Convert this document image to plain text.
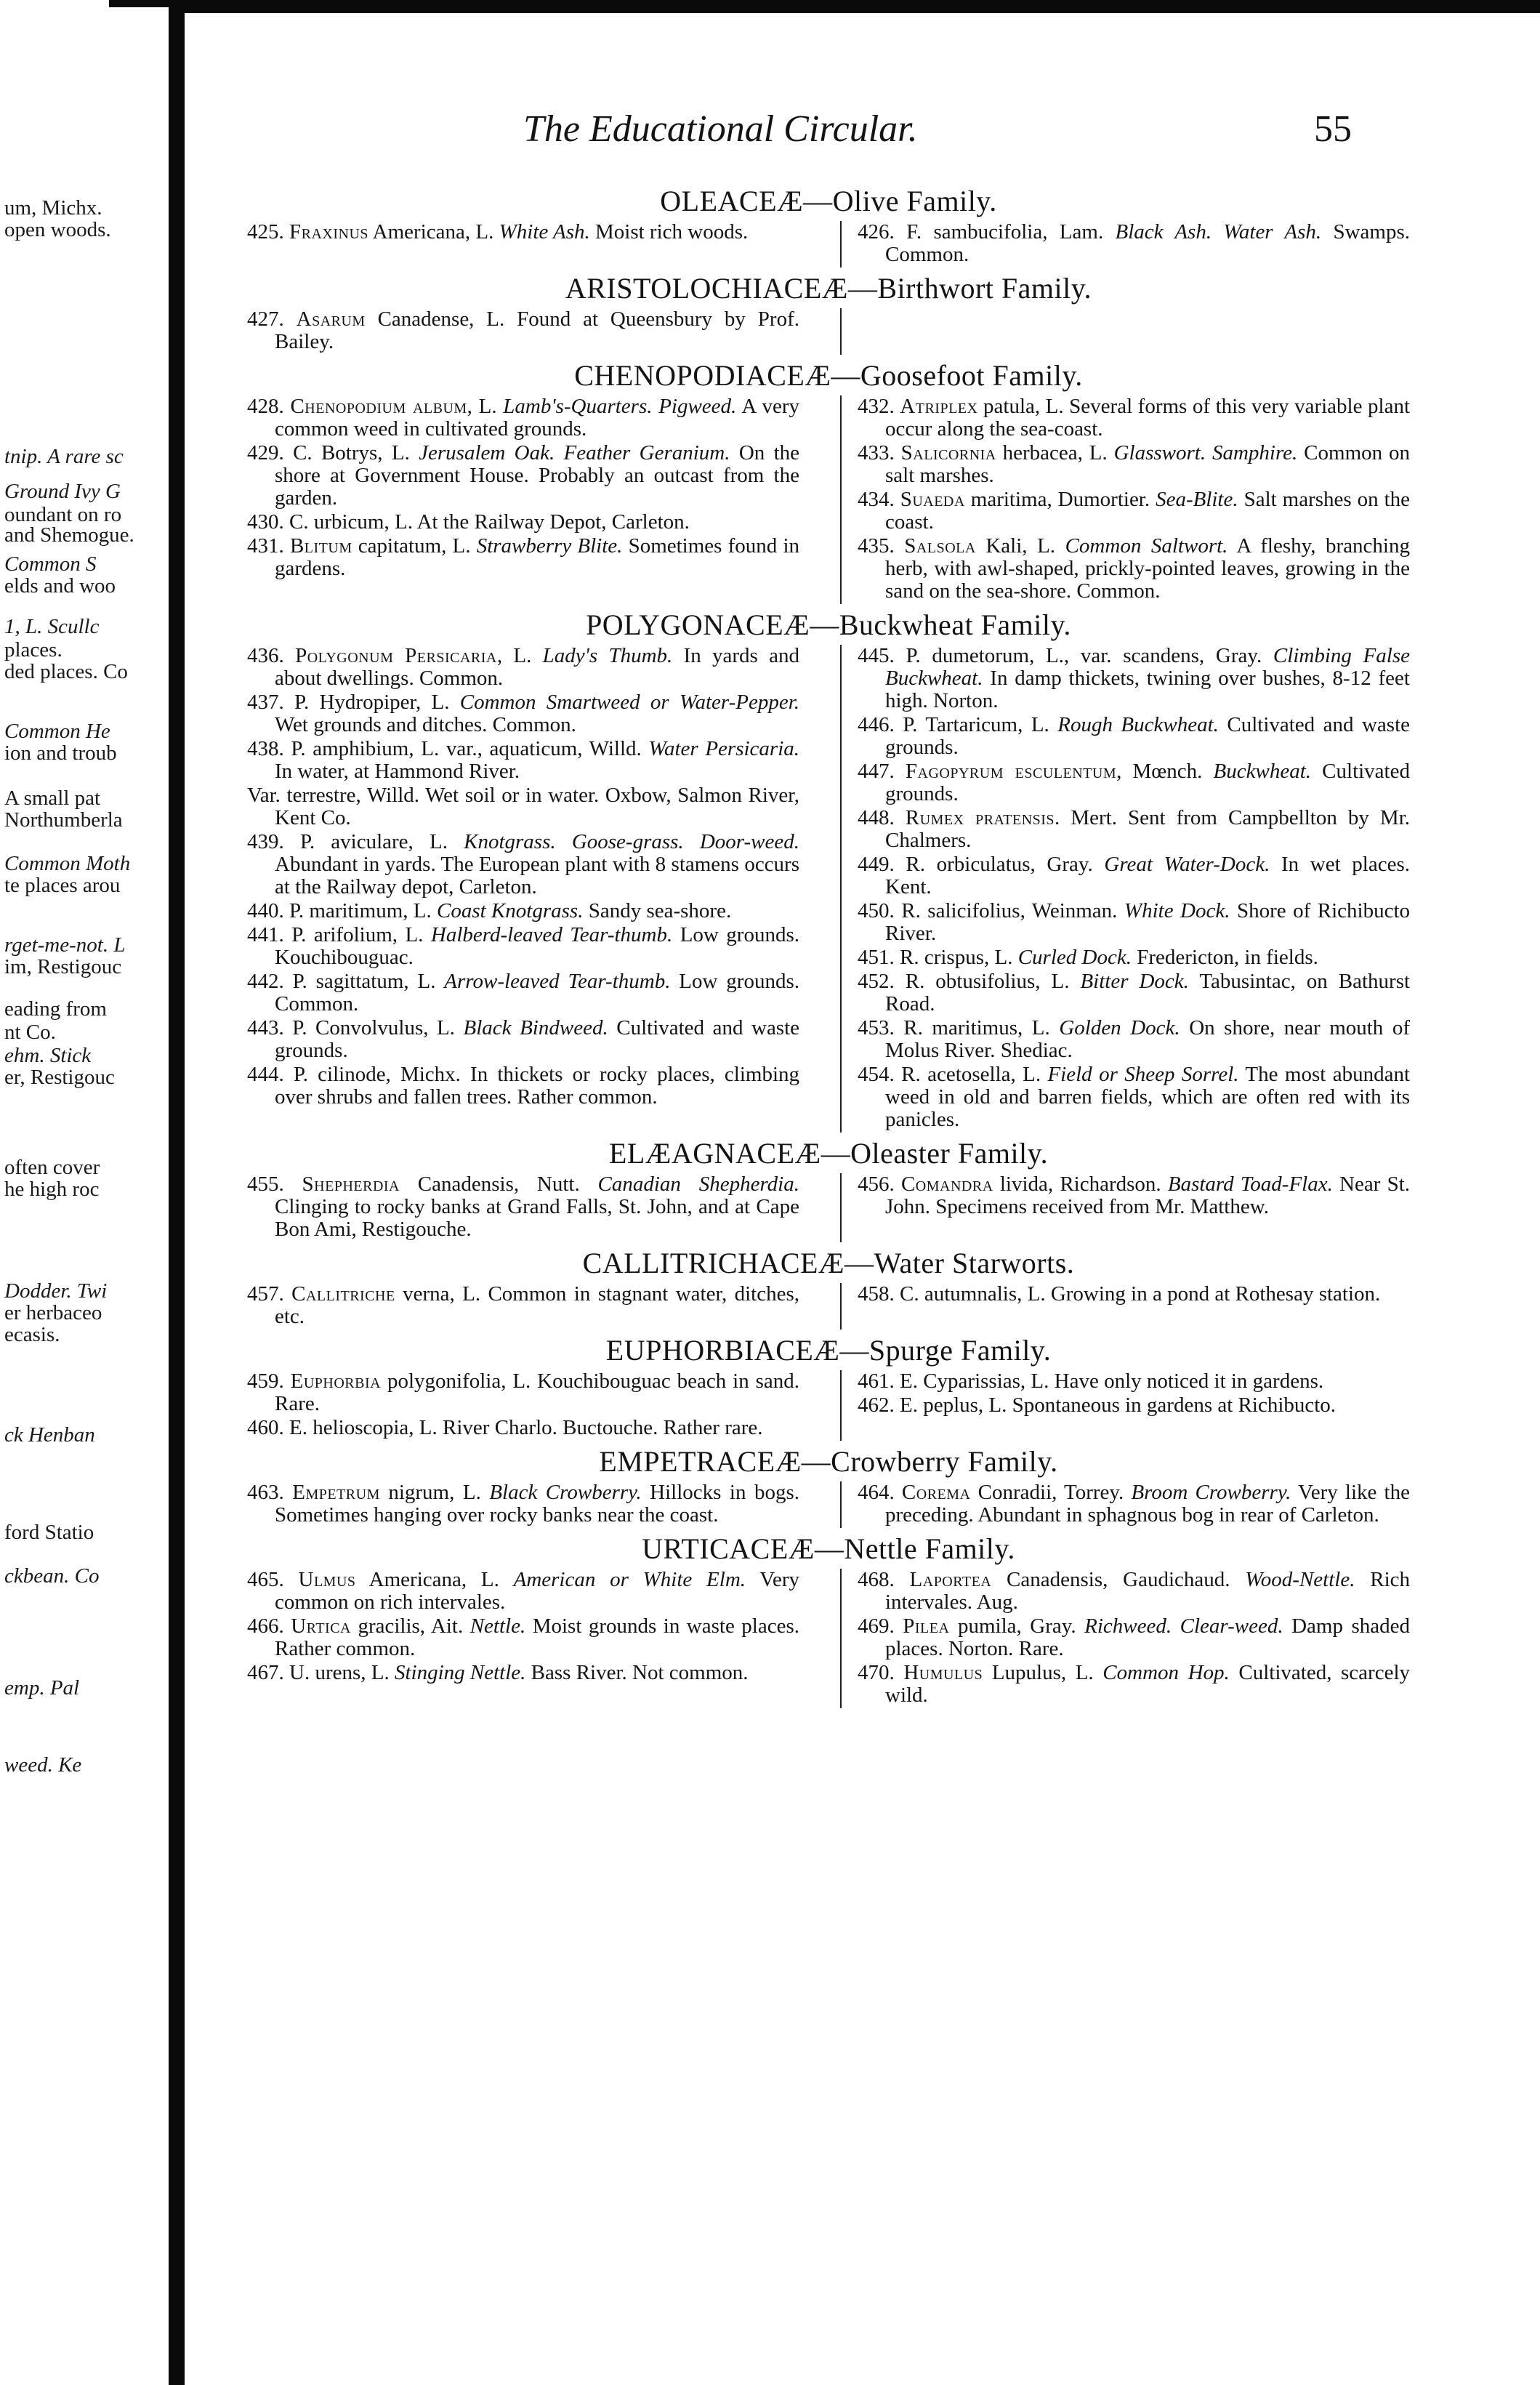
um, Michx.
open woods.
tnip. A rare sc
Ground Ivy G
oundant on ro
and Shemogue.
Common S
elds and woo
1, L. Scullc
places.
ded places. Co
Common He
ion and troub
A small pat
Northumberla
Common Moth
te places arou
rget-me-not. L
im, Restigouc
eading from
nt Co.
ehm. Stick
er, Restigouc
often cover
he high roc
Dodder. Twi
er herbaceo
ecasis.
ck Henban
ford Statio
ckbean. Co
emp. Pal
weed. Ke
The Educational Circular.	55
OLEACEÆ—Olive Family.
425. Fraxinus Americana, L. White Ash. Moist rich woods.	426. F. sambucifolia, Lam. Black Ash. Water Ash. Swamps. Common.
ARISTOLOCHIACEÆ—Birthwort Family.
427. Asarum Canadense, L. Found at Queensbury by Prof. Bailey.
CHENOPODIACEÆ—Goosefoot Family.
428. Chenopodium album, L. Lamb's-Quarters. Pigweed. A very common weed in cultivated grounds.
429. C. Botrys, L. Jerusalem Oak. Feather Geranium. On the shore at Government House. Probably an outcast from the garden.
430. C. urbicum, L. At the Railway Depot, Carleton.
431. Blitum capitatum, L. Strawberry Blite. Sometimes found in gardens.
432. Atriplex patula, L. Several forms of this very variable plant occur along the sea-coast.
433. Salicornia herbacea, L. Glasswort. Samphire. Common on salt marshes.
434. Suaeda maritima, Dumortier. Sea-Blite. Salt marshes on the coast.
435. Salsola Kali, L. Common Saltwort. A fleshy, branching herb, with awl-shaped, prickly-pointed leaves, growing in the sand on the sea-shore. Common.
POLYGONACEÆ—Buckwheat Family.
436. Polygonum Persicaria, L. Lady's Thumb. In yards and about dwellings. Common.
437. P. Hydropiper, L. Common Smartweed or Water-Pepper. Wet grounds and ditches. Common.
438. P. amphibium, L. var., aquaticum, Willd. Water Persicaria. In water, at Hammond River.
Var. terrestre, Willd. Wet soil or in water. Oxbow, Salmon River, Kent Co.
439. P. aviculare, L. Knotgrass. Goose-grass. Door-weed. Abundant in yards. The European plant with 8 stamens occurs at the Railway depot, Carleton.
440. P. maritimum, L. Coast Knotgrass. Sandy sea-shore.
441. P. arifolium, L. Halberd-leaved Tear-thumb. Low grounds. Kouchibouguac.
442. P. sagittatum, L. Arrow-leaved Tear-thumb. Low grounds. Common.
443. P. Convolvulus, L. Black Bindweed. Cultivated and waste grounds.
444. P. cilinode, Michx. In thickets or rocky places, climbing over shrubs and fallen trees. Rather common.
445. P. dumetorum, L., var. scandens, Gray. Climbing False Buckwheat. In damp thickets, twining over bushes, 8-12 feet high. Norton.
446. P. Tartaricum, L. Rough Buckwheat. Cultivated and waste grounds.
447. Fagopyrum esculentum, Mœnch. Buckwheat. Cultivated grounds.
448. Rumex pratensis. Mert. Sent from Campbellton by Mr. Chalmers.
449. R. orbiculatus, Gray. Great Water-Dock. In wet places. Kent.
450. R. salicifolius, Weinman. White Dock. Shore of Richibucto River.
451. R. crispus, L. Curled Dock. Fredericton, in fields.
452. R. obtusifolius, L. Bitter Dock. Tabusintac, on Bathurst Road.
453. R. maritimus, L. Golden Dock. On shore, near mouth of Molus River. Shediac.
454. R. acetosella, L. Field or Sheep Sorrel. The most abundant weed in old and barren fields, which are often red with its panicles.
ELÆAGNACEÆ—Oleaster Family.
455. Shepherdia Canadensis, Nutt. Canadian Shepherdia. Clinging to rocky banks at Grand Falls, St. John, and at Cape Bon Ami, Restigouche.
456. Comandra livida, Richardson. Bastard Toad-Flax. Near St. John. Specimens received from Mr. Matthew.
CALLITRICHACEÆ—Water Starworts.
457. Callitriche verna, L. Common in stagnant water, ditches, etc.
458. C. autumnalis, L. Growing in a pond at Rothesay station.
EUPHORBIACEÆ—Spurge Family.
459. Euphorbia polygonifolia, L. Kouchibouguac beach in sand. Rare.
460. E. helioscopia, L. River Charlo. Buctouche. Rather rare.
461. E. Cyparissias, L. Have only noticed it in gardens.
462. E. peplus, L. Spontaneous in gardens at Richibucto.
EMPETRACEÆ—Crowberry Family.
463. Empetrum nigrum, L. Black Crowberry. Hillocks in bogs. Sometimes hanging over rocky banks near the coast.
464. Corema Conradii, Torrey. Broom Crowberry. Very like the preceding. Abundant in sphagnous bog in rear of Carleton.
URTICACEÆ—Nettle Family.
465. Ulmus Americana, L. American or White Elm. Very common on rich intervales.
466. Urtica gracilis, Ait. Nettle. Moist grounds in waste places. Rather common.
467. U. urens, L. Stinging Nettle. Bass River. Not common.
468. Laportea Canadensis, Gaudichaud. Wood-Nettle. Rich intervales. Aug.
469. Pilea pumila, Gray. Richweed. Clear-weed. Damp shaded places. Norton. Rare.
470. Humulus Lupulus, L. Common Hop. Cultivated, scarcely wild.
